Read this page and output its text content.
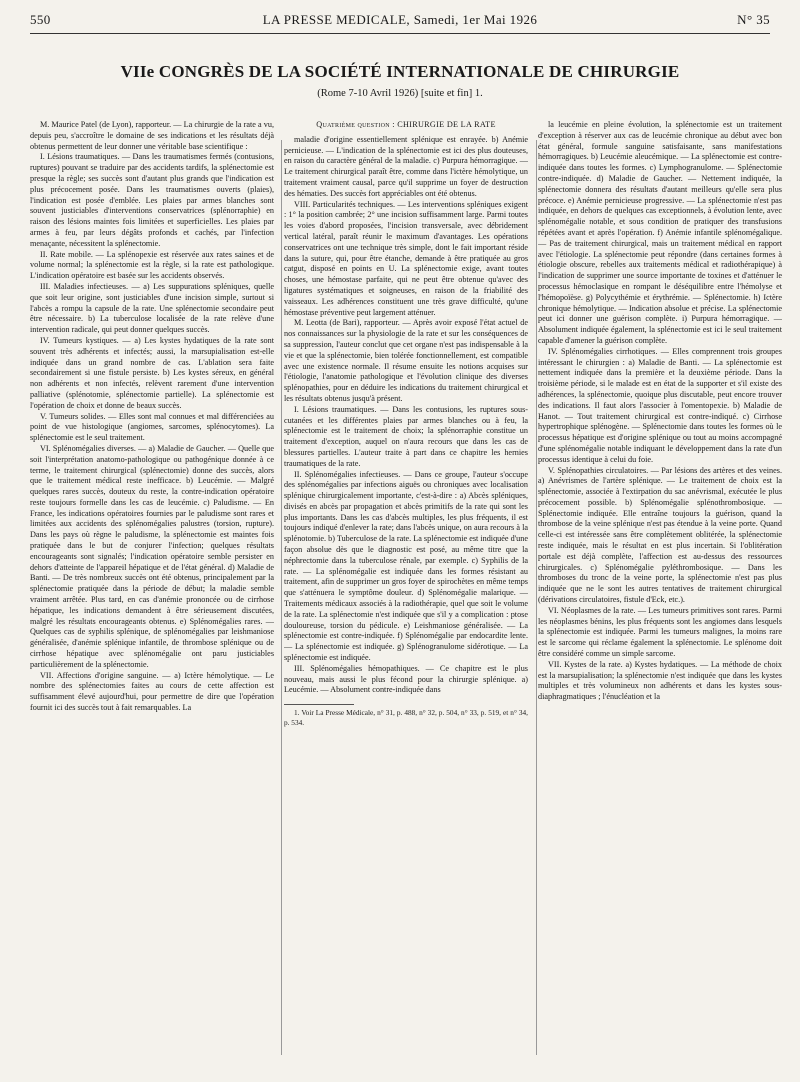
550	LA PRESSE MEDICALE, Samedi, 1er Mai 1926	N° 35
VIIe CONGRÈS DE LA SOCIÉTÉ INTERNATIONALE DE CHIRURGIE
(Rome 7-10 Avril 1926) [suite et fin] 1.

M. Maurice Patel (de Lyon), rapporteur. — La chirurgie de la rate a vu, depuis peu, s'accroître le domaine de ses indications et les résultats déjà obtenus permettent de leur donner une véritable base scientifique :

I. Lésions traumatiques. — Dans les traumatismes fermés (contusions, ruptures) pouvant se traduire par des accidents tardifs, la splénectomie est presque la règle; ses succès sont d'autant plus grands que l'indication est plus précocement posée. Dans les traumatismes ouverts (plaies), l'indication est posée d'emblée. Les plaies par armes blanches sont souvent justiciables d'interventions conservatrices (splénorraphie) en raison des lésions maintes fois limitées et superficielles. Les plaies par armes à feu, par leurs dégâts profonds et cachés, par l'infection menaçante, nécessitent la splénectomie.

II. Rate mobile. — La splénopexie est réservée aux rates saines et de volume normal; la splénectomie est la règle, si la rate est pathologique. L'indication opératoire est basée sur les accidents observés.

III. Maladies infectieuses. — a) Les suppurations spléniques, quelle que soit leur origine, sont justiciables d'une incision simple, surtout si l'abcès a rompu la capsule de la rate. Une splénectomie secondaire peut être nécessaire. b) La tuberculose localisée de la rate relève d'une intervention radicale, qui peut donner quelques succès.

IV. Tumeurs kystiques. — a) Les kystes hydatiques de la rate sont souvent très adhérents et infectés; aussi, la marsupialisation est-elle indiquée dans un grand nombre de cas. L'ablation sera faite secondairement si une fistule persiste. b) Les kystes séreux, en général non adhérents et non infectés, relèvent rarement d'une intervention palliative (splénotomie, splénectomie partielle). La splénectomie est l'opération de choix et donne de beaux succès.

V. Tumeurs solides. — Elles sont mal connues et mal différenciées au point de vue histologique (angiomes, sarcomes, splénocytomes). La splénectomie est le seul traitement.

VI. Splénomégalies diverses. — a) Maladie de Gaucher. — Quelle que soit l'interprétation anatomo-pathologique ou pathogénique donnée à ce terme, le traitement chirurgical (splénectomie) donne des succès, alors que le traitement médical reste inefficace. b) Leucémie. — Malgré quelques rares succès, douteux du reste, la contre-indication opératoire reste toujours formelle dans les cas de leucémie. c) Paludisme. — En France, les indications opératoires fournies par le paludisme sont rares et limitées aux accidents des splénomégalies palustres (torsion, rupture). Dans les pays où règne le paludisme, la splénectomie est maintes fois pratiquée dans le but de conjurer l'infection; quelques résultats encourageants sont signalés; l'indication opératoire semble persister en dehors d'atteinte de l'appareil hépatique et de l'état général. d) Maladie de Banti. — De très nombreux succès ont été obtenus, principalement par la splénectomie pratiquée dans la période de début; la maladie semble vraiment arrêtée. Plus tard, en cas d'anémie prononcée ou de cirrhose hépatique, les indications demandent à être sérieusement discutées, malgré les résultats encourageants obtenus. e) Splénomégalies rares. — Quelques cas de syphilis splénique, de splénomégalies par leishmaniose généralisée, d'anémie splénique infantile, de thrombose splénique ou de cirrhose hépatique avec splénomégalie ont paru justiciables particulièrement de la splénectomie.

VII. Affections d'origine sanguine. — a) Ictère hémolytique. — Le nombre des splénectomies faites au cours de cette affection est suffisamment élevé aujourd'hui, pour permettre de dire que l'opération fournit ici des succès tout à fait remarquables. La

Quatrième question : CHIRURGIE DE LA RATE

maladie d'origine essentiellement splénique est enrayée. b) Anémie pernicieuse. — L'indication de la splénectomie est ici des plus douteuses, en raison du caractère général de la maladie. c) Purpura hémorragique. — Le traitement chirurgical paraît être, comme dans l'ictère hémolytique, un traitement vraiment causal, parce qu'il supprime un foyer de destruction des hématies. Des succès fort appréciables ont été obtenus.

VIII. Particularités techniques. — Les interventions spléniques exigent : 1° la position cambrée; 2° une incision suffisamment large. Parmi toutes les voies d'abord proposées, l'incision transversale, avec débridement vertical latéral, paraît réunir le maximum d'avantages. Les opérations conservatrices ont une technique très simple, dont le fait important réside dans la suture, qui, pour être étanche, demande à être pratiquée au gros catgut, disposé en points en U. La splénectomie exige, avant toutes choses, une hémostase parfaite, qui ne peut être obtenue qu'avec des ligatures systématiques et soigneuses, en raison de la friabilité des vaisseaux. Les adhérences constituent une très grave difficulté, qu'une hémostase préventive peut largement atténuer.

M. Leotta (de Bari), rapporteur. — Après avoir exposé l'état actuel de nos connaissances sur la physiologie de la rate et sur les conséquences de sa suppression, l'auteur conclut que cet organe n'est pas indispensable à la vie et que la splénectomie, bien tolérée fonctionnellement, est compatible avec une existence normale. Il résume ensuite les notions acquises sur l'étiologie, l'anatomie pathologique et l'évolution clinique des diverses splénopathies, pour en déduire les indications du traitement chirurgical et les résultats obtenus jusqu'à présent.

I. Lésions traumatiques. — Dans les contusions, les ruptures sous-cutanées et les différentes plaies par armes blanches ou à feu, la splénectomie est le traitement de choix; la splénorraphie constitue un traitement d'exception, auquel on n'aura recours que dans les cas de blessures partielles. L'auteur traite à part dans ce chapitre les hernies traumatiques de la rate.

II. Splénomégalies infectieuses. — Dans ce groupe, l'auteur s'occupe des splénomégalies par infections aiguës ou chroniques avec localisation splénique chirurgicalement importante, c'est-à-dire : a) Abcès spléniques, divisés en abcès par propagation et abcès primitifs de la rate qui sont les plus importants. Dans les cas d'abcès multiples, les plus fréquents, il est toujours indiqué d'enlever la rate; dans l'abcès unique, on aura recours à la splénotomie. b) Tuberculose de la rate. La splénectomie est indiquée d'une façon absolue dès que le diagnostic est posé, au même titre que la néphrectomie dans la tuberculose rénale, par exemple. c) Syphilis de la rate. — La splénomégalie est indiquée dans les formes résistant au traitement, afin de supprimer un gros foyer de spirochètes en même temps que s'atténuera le symptôme douleur. d) Splénomégalie malarique. — Traitements médicaux associés à la radiothérapie, quel que soit le volume de la rate. La splénectomie n'est indiquée que s'il y a complication : ptose douloureuse, torsion du pédicule. e) Leishmaniose généralisée. — La splénectomie est contre-indiquée. f) Splénomégalie par endocardite lente. — La splénectomie est indiquée. g) Splénogranulome sidérotique. — La splénectomie est indiquée.

III. Splénomégalies hémopathiques. — Ce chapitre est le plus nouveau, mais aussi le plus fécond pour la chirurgie splénique. a) Leucémie. — Absolument contre-indiquée dans

1. Voir La Presse Médicale, n° 31, p. 488, n° 32, p. 504, n° 33, p. 519, et n° 34, p. 534.

la leucémie en pleine évolution, la splénectomie est un traitement d'exception à réserver aux cas de leucémie chronique au début avec bon état général, formule sanguine satisfaisante, sans manifestations hémorragiques. b) Leucémie aleucémique. — La splénectomie est contre-indiquée dans toutes les formes. c) Lymphogranulome. — Splénectomie contre-indiquée. d) Maladie de Gaucher. — Nettement indiquée, la splénectomie donnera des résultats d'autant meilleurs qu'elle sera plus précoce. e) Anémie pernicieuse progressive. — La splénectomie n'est pas indiquée, en dehors de quelques cas exceptionnels, à évolution lente, avec splénomégalie notable, et sous condition de pratiquer des transfusions répétées avant et après l'opération. f) Anémie infantile splénomégalique. — Pas de traitement chirurgical, mais un traitement médical en rapport avec l'étiologie. La splénectomie peut répondre (dans certaines formes à étiologie obscure, rebelles aux traitements médical et radiothérapique) à l'indication de supprimer une source importante de toxines et d'atténuer le processus hémoclasique en rompant le déséquilibre entre l'hémolyse et l'hémopoïèse. g) Polycythémie et érythrémie. — Splénectomie. h) Ictère chronique hémolytique. — Indication absolue et précise. La splénectomie peut ici donner une guérison complète. i) Purpura hémorragique. — Absolument indiquée également, la splénectomie est ici le seul traitement capable d'amener la guérison complète.

IV. Splénomégalies cirrhotiques. — Elles comprennent trois groupes intéressant le chirurgien : a) Maladie de Banti. — La splénectomie est nettement indiquée dans la première et la deuxième période. Dans la troisième période, si le malade est en état de la supporter et s'il existe des adhérences, la splénectomie, quoique plus discutable, peut encore trouver des indications. Il faut alors l'associer à l'omentopexie. b) Maladie de Hanot. — Tout traitement chirurgical est contre-indiqué. c) Cirrhose hypertrophique splénogène. — Splénectomie dans toutes les formes où le processus hépatique est d'origine splénique ou tout au moins accompagné d'une splénomégalie notable indiquant le développement dans la rate d'un processus identique à celui du foie.

V. Splénopathies circulatoires. — Par lésions des artères et des veines. a) Anévrismes de l'artère splénique. — Le traitement de choix est la splénectomie, associée à l'extirpation du sac anévrismal, exécutée le plus précocement possible. b) Splénomégalie splénothrombosique. — Splénectomie indiquée. Elle entraîne toujours la guérison, quand la thrombose de la veine splénique n'est pas étendue à la veine porte. Quand celle-ci est intéressée sans être complètement oblitérée, la splénectomie reste indiquée, mais le résultat en est plus incertain. Si l'oblitération portale est déjà complète, l'affection est au-dessus des ressources chirurgicales. c) Splénomégalie pyléthrombosique. — Dans les thromboses du tronc de la veine porte, la splénectomie n'est pas plus indiquée que ne le sont les autres tentatives de traitement chirurgical (dérivations circulatoires, fistule d'Eck, etc.).

VI. Néoplasmes de la rate. — Les tumeurs primitives sont rares. Parmi les néoplasmes bénins, les plus fréquents sont les angiomes dans lesquels la splénectomie est indiquée. Parmi les tumeurs malignes, la moins rare est le sarcome qui réclame également la splénectomie. Le splénome doit être considéré comme un simple sarcome.

VII. Kystes de la rate. a) Kystes hydatiques. — La méthode de choix est la marsupialisation; la splénectomie n'est indiquée que dans les kystes multiples et très volumineux non adhérents et dans les kystes sous-diaphragmatiques ; l'énucléation et la
